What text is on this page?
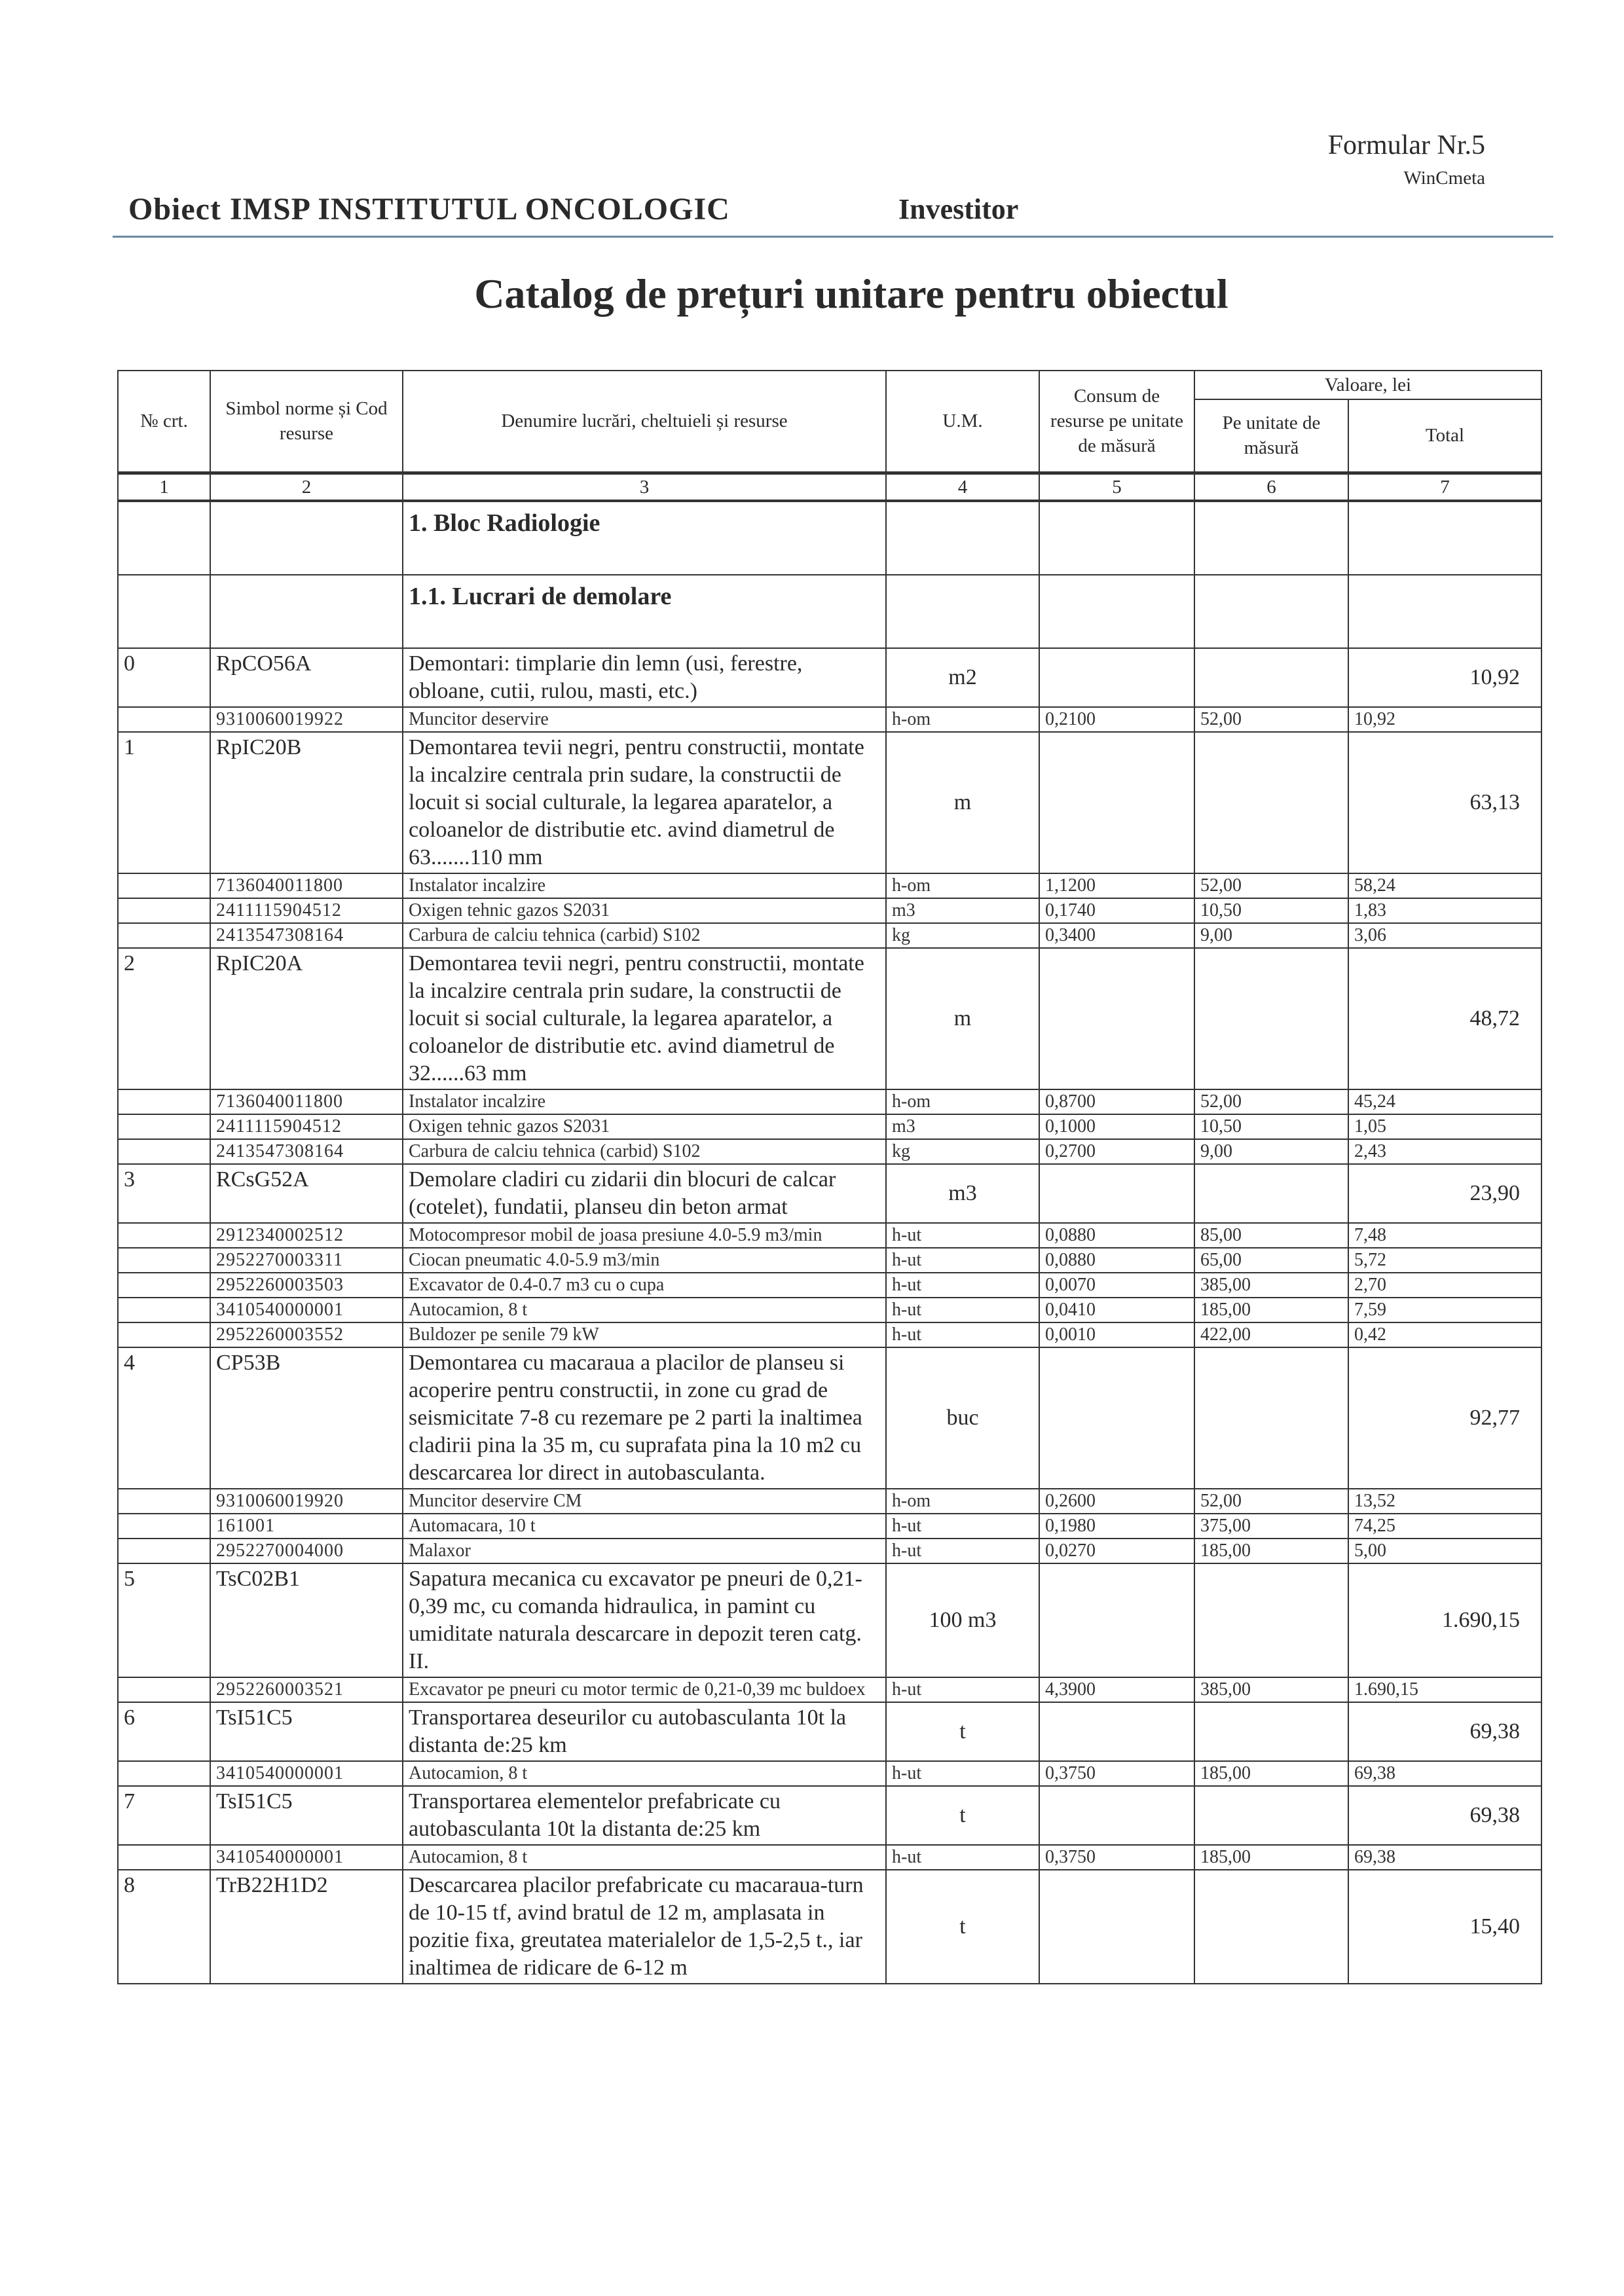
Formular Nr.5
WinCmeta
Obiect IMSP INSTITUTUL ONCOLOGIC	Investitor
Catalog de prețuri unitare pentru obiectul
№ crt.	Simbol norme și Cod resurse	Denumire lucrări, cheltuieli și resurse	U.M.	Consum de resurse pe unitate de măsură	Valoare, lei	
					Pe unitate de măsură	Total
1	2	3	4	5	6	7
		1. Bloc Radiologie				
		1.1. Lucrari de demolare				
0	RpCO56A	Demontari: timplarie din lemn (usi, ferestre, obloane, cutii, rulou, masti, etc.)	m2			10,92
	9310060019922	Muncitor deservire	h-om	0,2100	52,00	10,92
1	RpIC20B	Demontarea tevii negri, pentru constructii, montate la incalzire centrala prin sudare, la constructii de locuit si social culturale, la legarea aparatelor, a coloanelor de distributie etc. avind diametrul de 63.......110 mm	m			63,13
	7136040011800	Instalator incalzire	h-om	1,1200	52,00	58,24
	2411115904512	Oxigen tehnic gazos S2031	m3	0,1740	10,50	1,83
	2413547308164	Carbura de calciu tehnica (carbid) S102	kg	0,3400	9,00	3,06
2	RpIC20A	Demontarea tevii negri, pentru constructii, montate la incalzire centrala prin sudare, la constructii de locuit si social culturale, la legarea aparatelor, a coloanelor de distributie etc. avind diametrul de 32......63 mm	m			48,72
	7136040011800	Instalator incalzire	h-om	0,8700	52,00	45,24
	2411115904512	Oxigen tehnic gazos S2031	m3	0,1000	10,50	1,05
	2413547308164	Carbura de calciu tehnica (carbid) S102	kg	0,2700	9,00	2,43
3	RCsG52A	Demolare cladiri cu zidarii din blocuri de calcar (cotelet), fundatii, planseu din beton armat	m3			23,90
	2912340002512	Motocompresor mobil de joasa presiune 4.0-5.9 m3/min	h-ut	0,0880	85,00	7,48
	2952270003311	Ciocan pneumatic 4.0-5.9 m3/min	h-ut	0,0880	65,00	5,72
	2952260003503	Excavator de 0.4-0.7 m3 cu o cupa	h-ut	0,0070	385,00	2,70
	3410540000001	Autocamion, 8 t	h-ut	0,0410	185,00	7,59
	2952260003552	Buldozer pe senile 79 kW	h-ut	0,0010	422,00	0,42
4	CP53B	Demontarea cu macaraua a placilor de planseu si acoperire pentru constructii, in zone cu grad de seismicitate 7-8 cu rezemare pe 2 parti la inaltimea cladirii pina la 35 m, cu suprafata pina la 10 m2 cu descarcarea lor direct in autobasculanta.	buc			92,77
	9310060019920	Muncitor deservire CM	h-om	0,2600	52,00	13,52
	161001	Automacara, 10 t	h-ut	0,1980	375,00	74,25
	2952270004000	Malaxor	h-ut	0,0270	185,00	5,00
5	TsC02B1	Sapatura mecanica cu excavator pe pneuri de 0,21-0,39 mc, cu comanda hidraulica, in pamint cu umiditate naturala descarcare in depozit teren catg. II.	100 m3			1.690,15
	2952260003521	Excavator pe pneuri cu motor termic de 0,21-0,39 mc buldoex	h-ut	4,3900	385,00	1.690,15
6	TsI51C5	Transportarea deseurilor cu autobasculanta 10t la distanta de:25 km	t			69,38
	3410540000001	Autocamion, 8 t	h-ut	0,3750	185,00	69,38
7	TsI51C5	Transportarea elementelor prefabricate cu autobasculanta 10t la distanta de:25 km	t			69,38
	3410540000001	Autocamion, 8 t	h-ut	0,3750	185,00	69,38
8	TrB22H1D2	Descarcarea placilor prefabricate cu macaraua-turn de 10-15 tf, avind bratul de 12 m, amplasata in pozitie fixa, greutatea materialelor de 1,5-2,5 t., iar inaltimea de ridicare de 6-12 m	t			15,40
